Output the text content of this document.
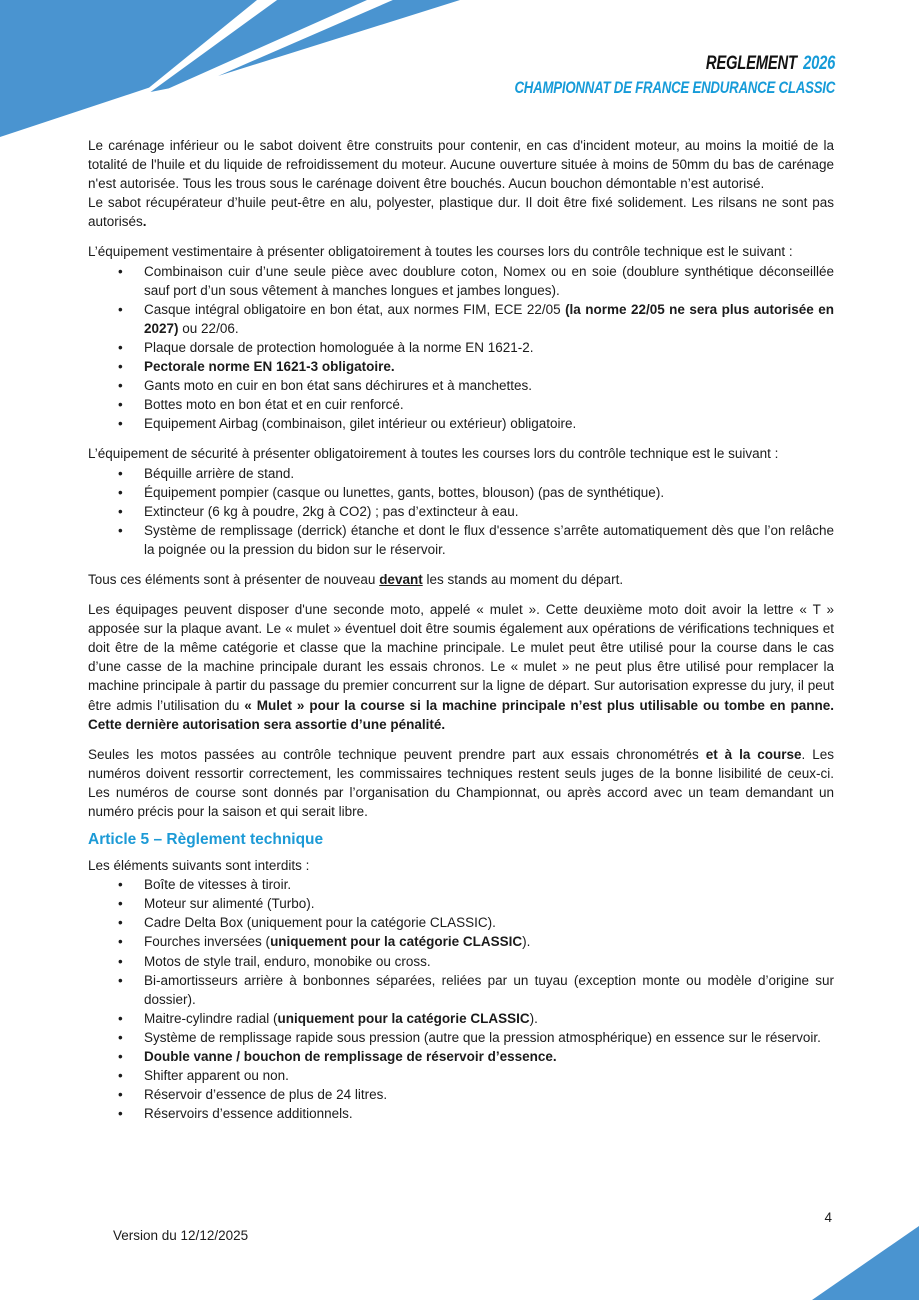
REGLEMENT 2026
CHAMPIONNAT DE FRANCE ENDURANCE CLASSIC
Le carénage inférieur ou le sabot doivent être construits pour contenir, en cas d'incident moteur, au moins la moitié de la totalité de l'huile et du liquide de refroidissement du moteur. Aucune ouverture située à moins de 50mm du bas de carénage n'est autorisée. Tous les trous sous le carénage doivent être bouchés. Aucun bouchon démontable n’est autorisé.
Le sabot récupérateur d’huile peut-être en alu, polyester, plastique dur. Il doit être fixé solidement. Les rilsans ne sont pas autorisés.
L’équipement vestimentaire à présenter obligatoirement à toutes les courses lors du contrôle technique est le suivant :
•	Combinaison cuir d’une seule pièce avec doublure coton, Nomex ou en soie (doublure synthétique déconseillée sauf port d’un sous vêtement à manches longues et jambes longues).
•	Casque intégral obligatoire en bon état, aux normes FIM, ECE 22/05 (la norme 22/05 ne sera plus autorisée en 2027) ou 22/06.
•	Plaque dorsale de protection homologuée à la norme EN 1621-2.
•	Pectorale norme EN 1621-3 obligatoire.
•	Gants moto en cuir en bon état sans déchirures et à manchettes.
•	Bottes moto en bon état et en cuir renforcé.
•	Equipement Airbag (combinaison, gilet intérieur ou extérieur) obligatoire.
L’équipement de sécurité à présenter obligatoirement à toutes les courses lors du contrôle technique est le suivant :
•	Béquille arrière de stand.
•	Équipement pompier (casque ou lunettes, gants, bottes, blouson) (pas de synthétique).
•	Extincteur (6 kg à poudre, 2kg à CO2) ; pas d’extincteur à eau.
•	Système de remplissage (derrick) étanche et dont le flux d'essence s’arrête automatiquement dès que l’on relâche la poignée ou la pression du bidon sur le réservoir.
Tous ces éléments sont à présenter de nouveau devant les stands au moment du départ.
Les équipages peuvent disposer d'une seconde moto, appelé « mulet ». Cette deuxième moto doit avoir la lettre « T » apposée sur la plaque avant. Le « mulet » éventuel doit être soumis également aux opérations de vérifications techniques et doit être de la même catégorie et classe que la machine principale. Le mulet peut être utilisé pour la course dans le cas d’une casse de la machine principale durant les essais chronos. Le « mulet » ne peut plus être utilisé pour remplacer la machine principale à partir du passage du premier concurrent sur la ligne de départ. Sur autorisation expresse du jury, il peut être admis l’utilisation du « Mulet » pour la course si la machine principale n’est plus utilisable ou tombe en panne. Cette dernière autorisation sera assortie d’une pénalité.
Seules les motos passées au contrôle technique peuvent prendre part aux essais chronométrés et à la course. Les numéros doivent ressortir correctement, les commissaires techniques restent seuls juges de la bonne lisibilité de ceux-ci. Les numéros de course sont donnés par l’organisation du Championnat, ou après accord avec un team demandant un numéro précis pour la saison et qui serait libre.
Article 5 – Règlement technique
Les éléments suivants sont interdits :
•	Boîte de vitesses à tiroir.
•	Moteur sur alimenté (Turbo).
•	Cadre Delta Box (uniquement pour la catégorie CLASSIC).
•	Fourches inversées (uniquement pour la catégorie CLASSIC).
•	Motos de style trail, enduro, monobike ou cross.
•	Bi-amortisseurs arrière à bonbonnes séparées, reliées par un tuyau (exception monte ou modèle d’origine sur dossier).
•	Maitre-cylindre radial (uniquement pour la catégorie CLASSIC).
•	Système de remplissage rapide sous pression (autre que la pression atmosphérique) en essence sur le réservoir.
•	Double vanne / bouchon de remplissage de réservoir d’essence.
•	Shifter apparent ou non.
•	Réservoir d’essence de plus de 24 litres.
•	Réservoirs d’essence additionnels.
Version du 12/12/2025
4
